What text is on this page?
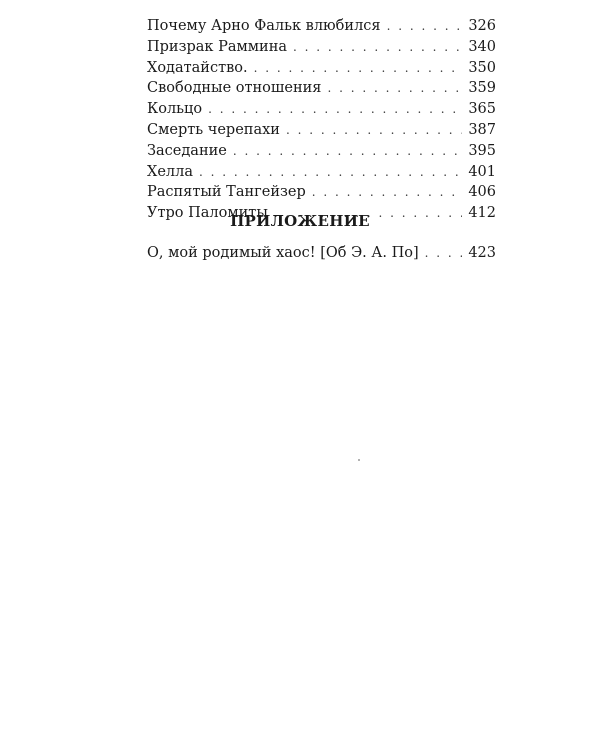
Почему Арно Фальк влюбился . . .	326
Призрак Раммина . . .	340
Ходатайство. . . .	350
Свободные отношения . . .	359
Кольцо . . .	365
Смерть черепахи . . .	387
Заседание . . .	395
Хелла . . .	401
Распятый Тангейзер . . .	406
Утро Паломиты . . .	412
ПРИЛОЖЕНИЕ
О, мой родимый хаос! [Об Э. А. По] . . .	423
